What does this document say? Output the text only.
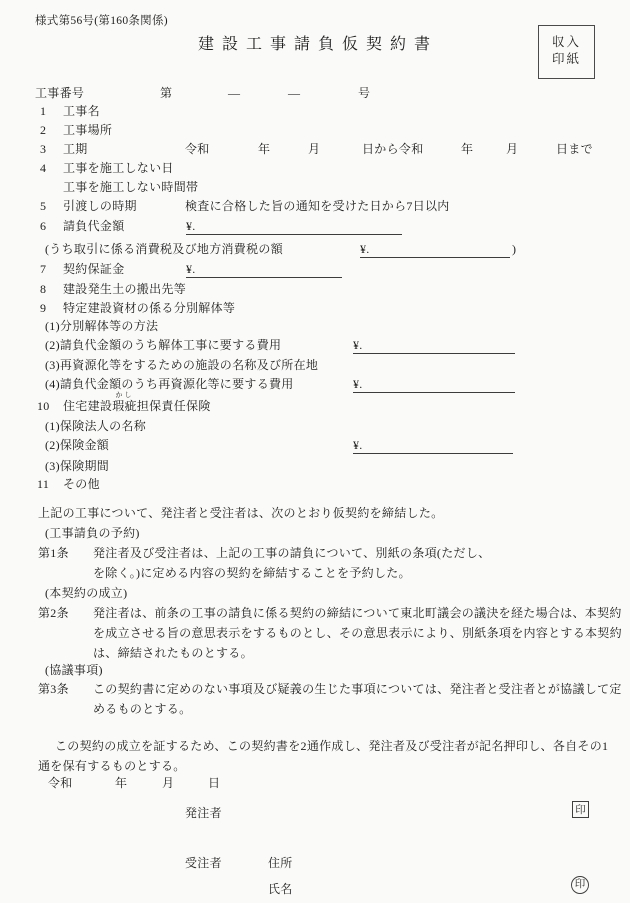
様式第56号(第160条関係)
建 設 工 事 請 負 仮 契 約 書	収入
印紙
工事番号	第	―	―	号
1 工事名
2 工事場所
3 工期	令和	年	月	日から令和	年	月	日まで
4 工事を施工しない日
工事を施工しない時間帯
5 引渡しの時期	検査に合格した旨の通知を受けた日から7日以内
6 請負代金額	¥.
(うち取引に係る消費税及び地方消費税の額	¥.	)
7 契約保証金	¥.
8 建設発生土の搬出先等
9 特定建設資材の係る分別解体等
(1)分別解体等の方法
(2)請負代金額のうち解体工事に要する費用	¥.
(3)再資源化等をするための施設の名称及び所在地
(4)請負代金額のうち再資源化等に要する費用	¥.
10 住宅建設瑕疵
かし
担保責任保険
(1)保険法人の名称
(2)保険金額	¥.
(3)保険期間
11 その他
上記の工事について、発注者と受注者は、次のとおり仮契約を締結した。
(工事請負の予約)
第1条 発注者及び受注者は、上記の工事の請負について、別紙の条項(ただし、
を除く。)に定める内容の契約を締結することを予約した。
(本契約の成立)
第2条 発注者は、前条の工事の請負に係る契約の締結について東北町議会の議決を経た場合は、本契約
を成立させる旨の意思表示をするものとし、その意思表示により、別紙条項を内容とする本契約
は、締結されたものとする。
(協議事項)
第3条 この契約書に定めのない事項及び疑義の生じた事項については、発注者と受注者とが協議して定
めるものとする。
この契約の成立を証するため、この契約書を2通作成し、発注者及び受注者が記名押印し、各自その1
通を保有するものとする。
令和	年	月	日
発注者	印
受注者	住所
氏名	印
